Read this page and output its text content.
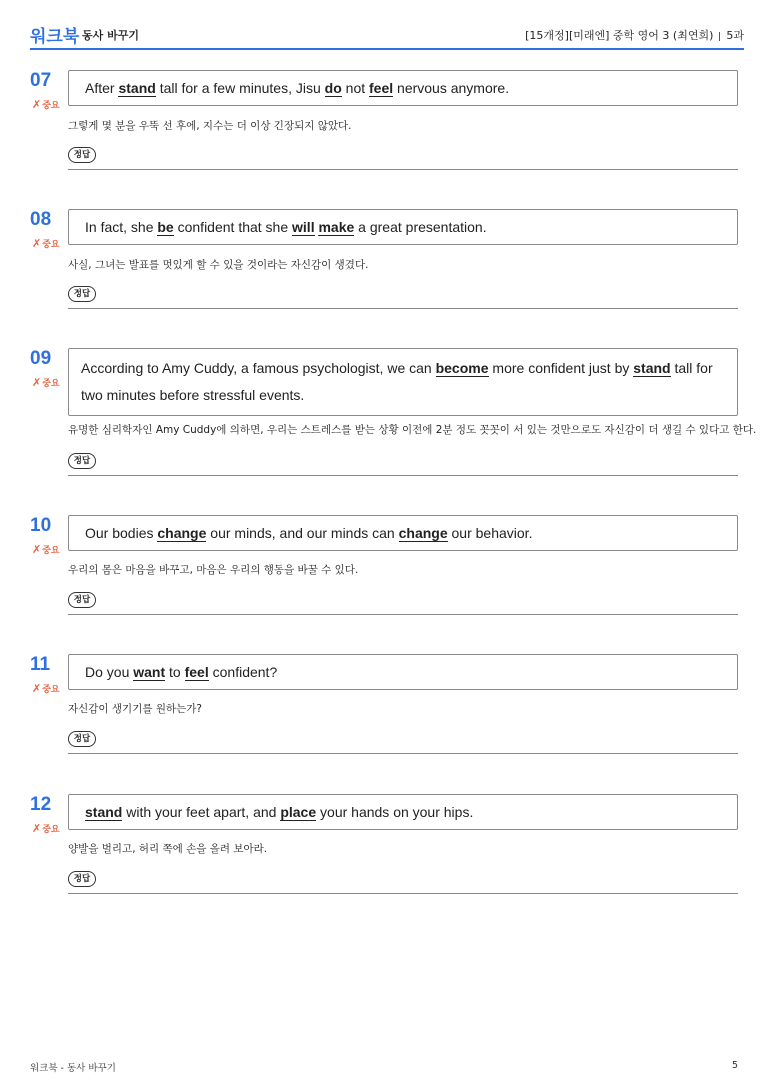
워크북 동사 바꾸기	[15개정][미래엔] 중학 영어 3 (최연희) 5과
07
✗중요
After stand tall for a few minutes, Jisu do not feel nervous anymore.
그렇게 몇 분을 우뚝 선 후에, 지수는 더 이상 긴장되지 않았다.
정답
08
✗중요
In fact, she be confident that she will make a great presentation.
사실, 그녀는 발표를 멋있게 할 수 있을 것이라는 자신감이 생겼다.
정답
09
✗중요
According to Amy Cuddy, a famous psychologist, we can become more confident just by stand tall for two minutes before stressful events.
유명한 심리학자인 Amy Cuddy에 의하면, 우리는 스트레스를 받는 상황 이전에 2분 정도 꼿꼿이 서 있는 것만으로도 자신감이 더 생길 수 있다고 한다.
정답
10
✗중요
Our bodies change our minds, and our minds can change our behavior.
우리의 몸은 마음을 바꾸고, 마음은 우리의 행동을 바꿀 수 있다.
정답
11
✗중요
Do you want to feel confident?
자신감이 생기기를 원하는가?
정답
12
✗중요
stand with your feet apart, and place your hands on your hips.
양발을 벌리고, 허리 쪽에 손을 올려 보아라.
정답
워크북 - 동사 바꾸기	5
